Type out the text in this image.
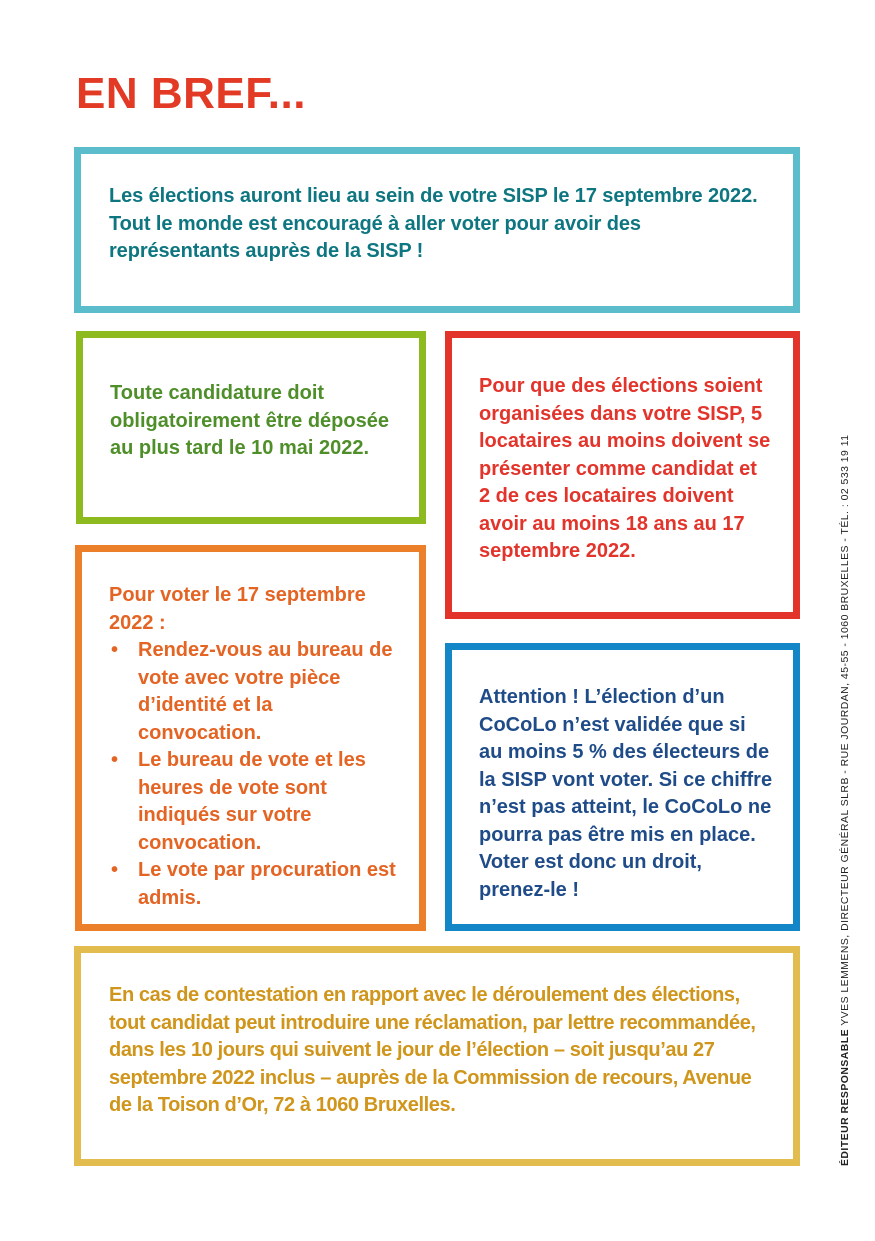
EN BREF...

Les élections auront lieu au sein de votre SISP le 17 septembre 2022.

Tout le monde est encouragé à aller voter pour avoir des représentants auprès de la SISP !

Toute candidature doit obligatoirement être déposée au plus tard le 10 mai 2022.

Pour que des élections soient organisées dans votre SISP, 5 locataires au moins doivent se présenter comme candidat et 2 de ces locataires doivent avoir au moins 18 ans au 17 septembre 2022.

Pour voter le 17 septembre 2022 :

• Rendez-vous au bureau de vote avec votre pièce d’identité et la convocation.
• Le bureau de vote et les heures de vote sont indiqués sur votre convocation.
• Le vote par procuration est admis.

Attention ! L’élection d’un CoCoLo n’est validée que si au moins 5 % des électeurs de la SISP vont voter. Si ce chiffre n’est pas atteint, le CoCoLo ne pourra pas être mis en place. Voter est donc un droit, prenez-le !

En cas de contestation en rapport avec le déroulement des élections, tout candidat peut introduire une réclamation, par lettre recommandée, dans les 10 jours qui suivent le jour de l’élection – soit jusqu’au 27 septembre 2022 inclus – auprès de la Commission de recours, Avenue de la Toison d’Or, 72 à 1060 Bruxelles.	ÉDITEUR RESPONSABLE YVES LEMMENS, DIRECTEUR GÉNÉRAL SLRB - RUE JOURDAN, 45-55 - 1060 BRUXELLES - TÉL. : 02 533 19 11
